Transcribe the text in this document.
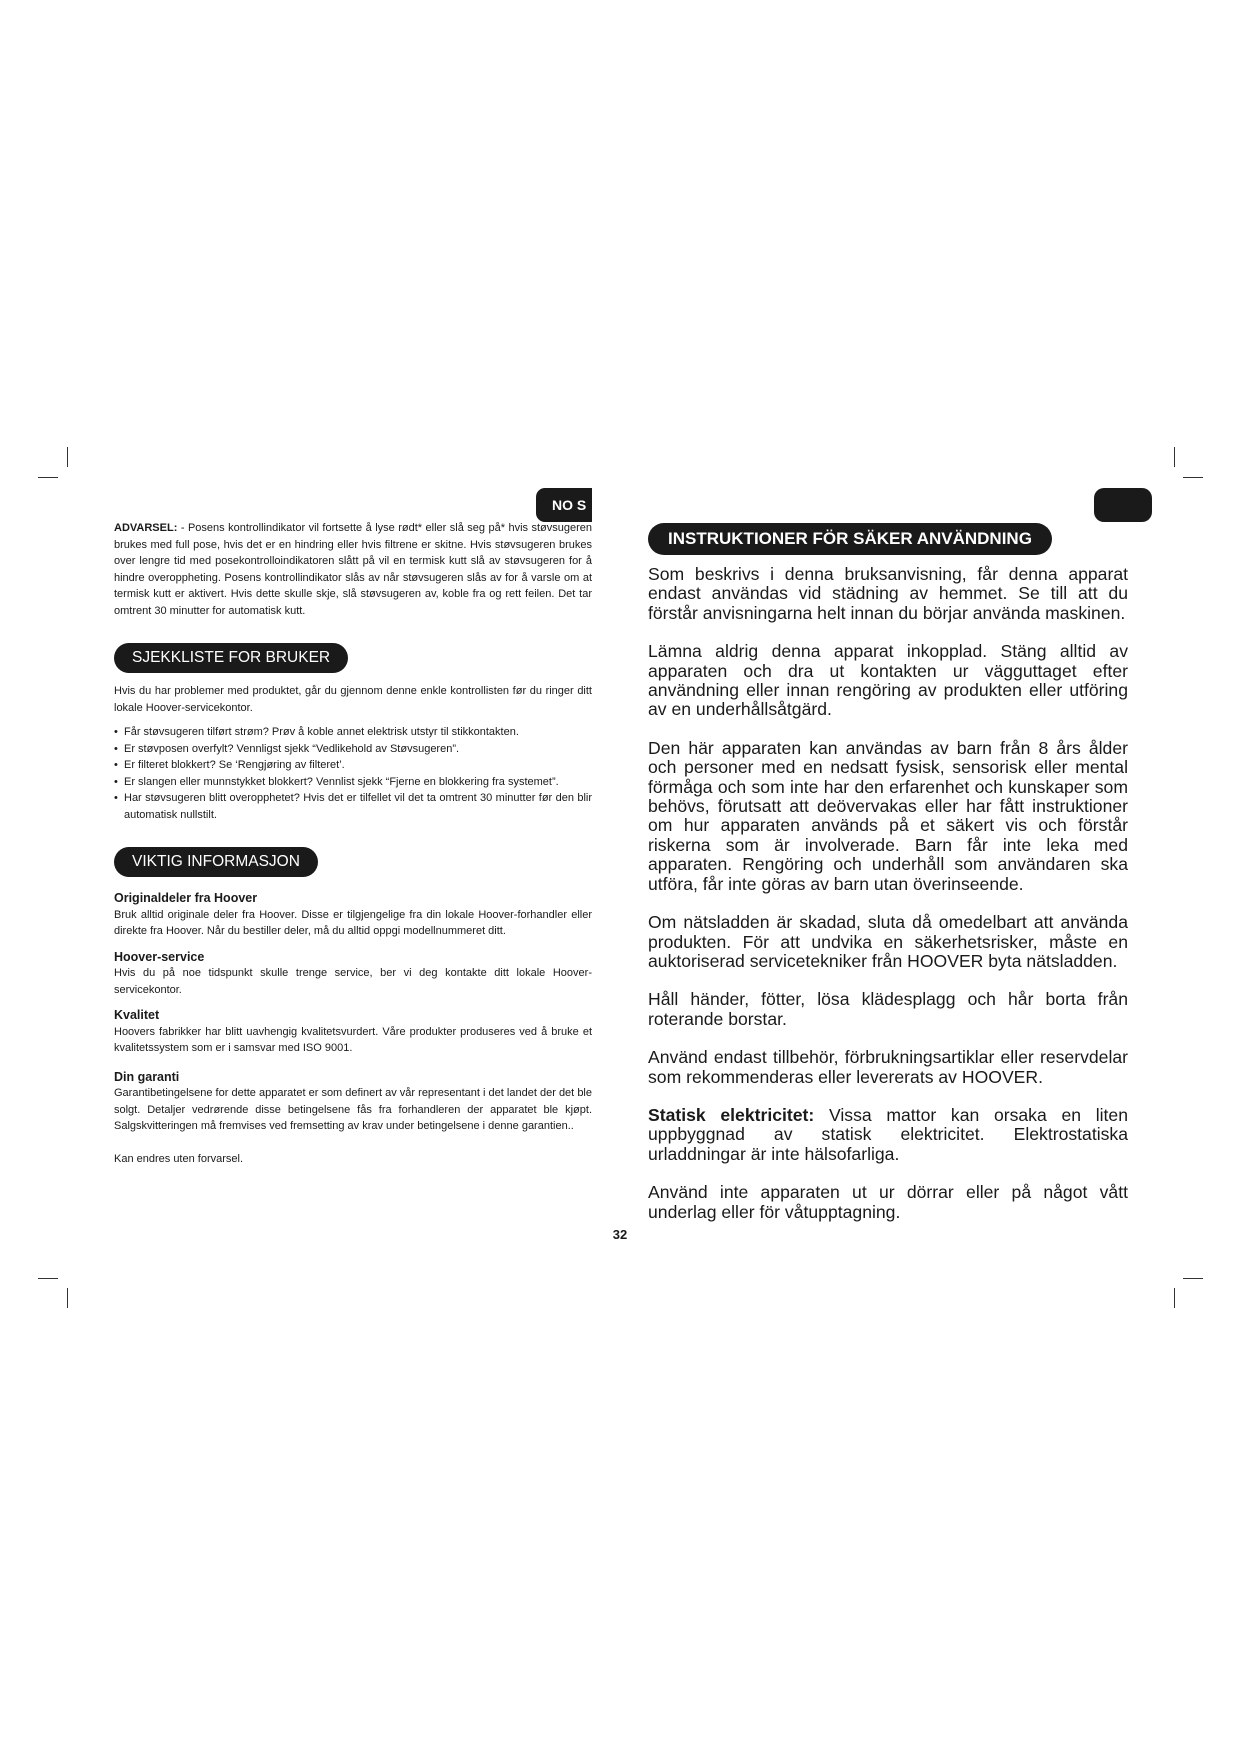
NO S

ADVARSEL: - Posens kontrollindikator vil fortsette å lyse rødt* eller slå seg på* hvis støvsugeren brukes med full pose, hvis det er en hindring eller hvis filtrene er skitne. Hvis støvsugeren brukes over lengre tid med posekontrolloindikatoren slått på vil en termisk kutt slå av støvsugeren for å hindre overoppheting. Posens kontrollindikator slås av når støvsugeren slås av for å varsle om at termisk kutt er aktivert. Hvis dette skulle skje, slå støvsugeren av, koble fra og rett feilen. Det tar omtrent 30 minutter for automatisk kutt.

SJEKKLISTE FOR BRUKER

Hvis du har problemer med produktet, går du gjennom denne enkle kontrollisten før du ringer ditt lokale Hoover-servicekontor.

• Får støvsugeren tilført strøm? Prøv å koble annet elektrisk utstyr til stikkontakten.
• Er støvposen overfylt? Vennligst sjekk “Vedlikehold av Støvsugeren”.
• Er filteret blokkert? Se ‘Rengjøring av filteret’.
• Er slangen eller munnstykket blokkert? Vennlist sjekk “Fjerne en blokkering fra systemet”.
• Har støvsugeren blitt overopphetet? Hvis det er tilfellet vil det ta omtrent 30 minutter før den blir automatisk nullstilt.
VIKTIG INFORMASJON

Originaldeler fra Hoover

Bruk alltid originale deler fra Hoover. Disse er tilgjengelige fra din lokale Hoover-forhandler eller direkte fra Hoover. Når du bestiller deler, må du alltid oppgi modellnummeret ditt.

Hoover-service

Hvis du på noe tidspunkt skulle trenge service, ber vi deg kontakte ditt lokale Hoover-servicekontor.

Kvalitet

Hoovers fabrikker har blitt uavhengig kvalitetsvurdert. Våre produkter produseres ved å bruke et kvalitetssystem som er i samsvar med ISO 9001.

Din garanti

Garantibetingelsene for dette apparatet er som definert av vår representant i det landet der det ble solgt. Detaljer vedrørende disse betingelsene fås fra forhandleren der apparatet ble kjøpt. Salgskvitteringen må fremvises ved fremsetting av krav under betingelsene i denne garantien..

Kan endres uten forvarsel.

INSTRUKTIONER FÖR SÄKER ANVÄNDNING

Som beskrivs i denna bruksanvisning, får denna apparat endast användas vid städning av hemmet. Se till att du förstår anvisningarna helt innan du börjar använda maskinen.

Lämna aldrig denna apparat inkopplad. Stäng alltid av apparaten och dra ut kontakten ur vägguttaget efter användning eller innan rengöring av produkten eller utföring av en underhållsåtgärd.

Den här apparaten kan användas av barn från 8 års ålder och personer med en nedsatt fysisk, sensorisk eller mental förmåga och som inte har den erfarenhet och kunskaper som behövs, förutsatt att deövervakas eller har fått instruktioner om hur apparaten används på et säkert vis och förstår riskerna som är involverade. Barn får inte leka med apparaten. Rengöring och underhåll som användaren ska utföra, får inte göras av barn utan överinseende.

Om nätsladden är skadad, sluta då omedelbart att använda produkten. För att undvika en säkerhetsrisker, måste en auktoriserad servicetekniker från HOOVER byta nätsladden.

Håll händer, fötter, lösa klädesplagg och hår borta från roterande borstar.

Använd endast tillbehör, förbrukningsartiklar eller reservdelar som rekommenderas eller levererats av HOOVER.

Statisk elektricitet: Vissa mattor kan orsaka en liten uppbyggnad av statisk elektricitet. Elektrostatiska urladdningar är inte hälsofarliga.

Använd inte apparaten ut ur dörrar eller på något vått underlag eller för våtupptagning.

32
